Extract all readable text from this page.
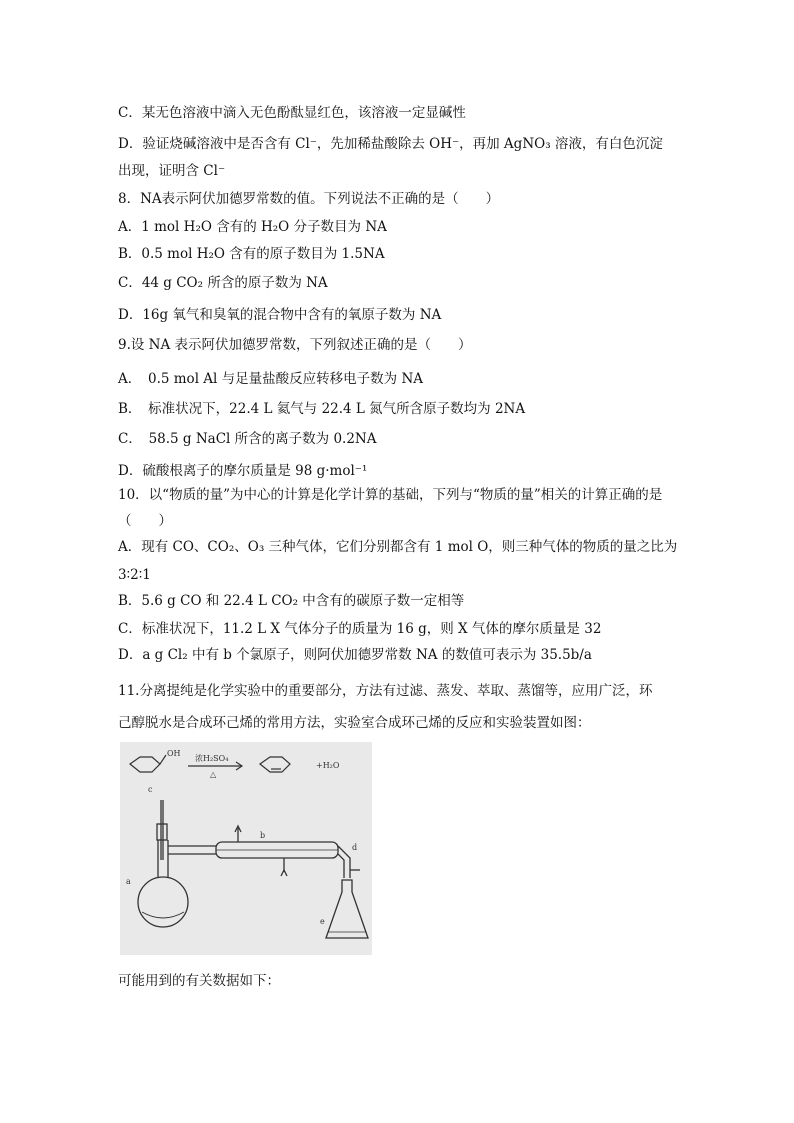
C．某无色溶液中滴入无色酚酞显红色，该溶液一定显碱性
D．验证烧碱溶液中是否含有 Cl⁻，先加稀盐酸除去 OH⁻，再加 AgNO₃ 溶液，有白色沉淀
出现，证明含 Cl⁻
8．NA表示阿伏加德罗常数的值。下列说法不正确的是（　　）
A．1 mol H₂O 含有的 H₂O 分子数目为 NA
B．0.5 mol H₂O 含有的原子数目为 1.5NA
C．44 g CO₂ 所含的原子数为 NA
D．16g 氧气和臭氧的混合物中含有的氧原子数为 NA
9.设 NA 表示阿伏加德罗常数，下列叙述正确的是（　　）
A．　0.5 mol Al 与足量盐酸反应转移电子数为 NA
B．　标准状况下，22.4 L 氦气与 22.4 L 氮气所含原子数均为 2NA
C．　58.5 g NaCl 所含的离子数为 0.2NA
D．硫酸根离子的摩尔质量是 98 g·mol⁻¹
10．以“物质的量”为中心的计算是化学计算的基础，下列与“物质的量”相关的计算正确的是
（　　）
A．现有 CO、CO₂、O₃ 三种气体，它们分别都含有 1 mol O，则三种气体的物质的量之比为
3∶2∶1
B．5.6 g CO 和 22.4 L CO₂ 中含有的碳原子数一定相等
C．标准状况下，11.2 L X 气体分子的质量为 16 g，则 X 气体的摩尔质量是 32
D．a g Cl₂ 中有 b 个氯原子，则阿伏加德罗常数 NA 的数值可表示为 35.5b/a
11.分离提纯是化学实验中的重要部分，方法有过滤、蒸发、萃取、蒸馏等，应用广泛，环
己醇脱水是合成环己烯的常用方法，实验室合成环己烯的反应和实验装置如图：
OH
浓H₂SO₄
△
+H₂O
c
a
b
d
e
可能用到的有关数据如下：
